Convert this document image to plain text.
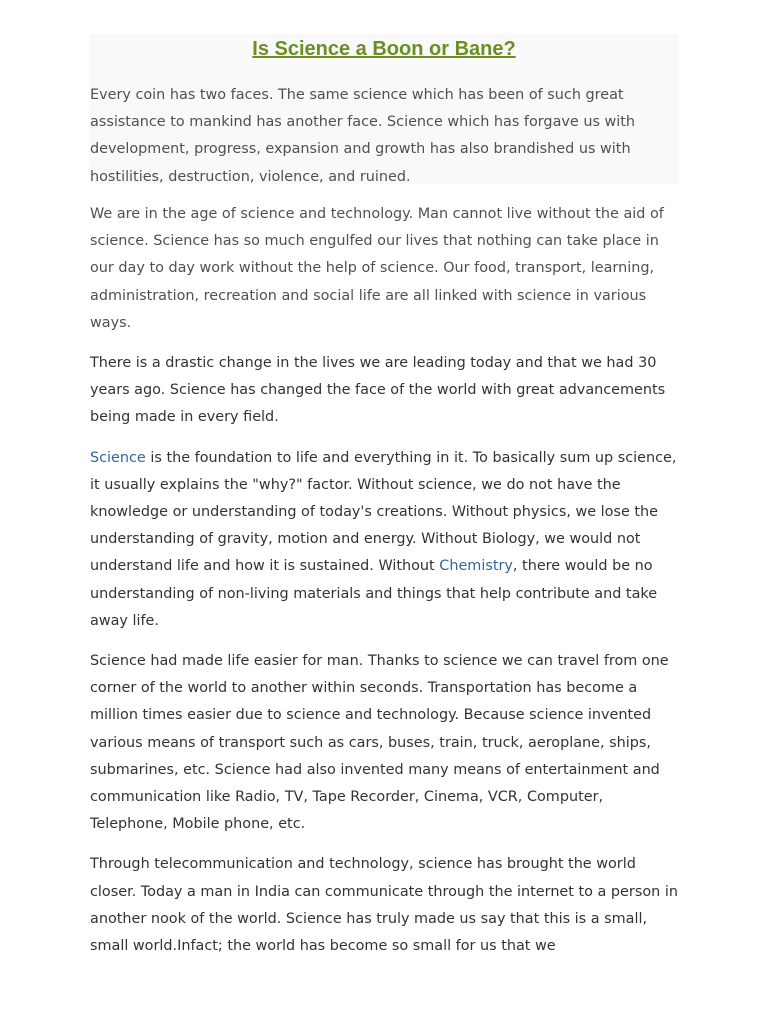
Is Science a Boon or Bane?

Every coin has two faces. The same science which has been of such great assistance to mankind has another face. Science which has forgave us with development, progress, expansion and growth has also brandished us with hostilities, destruction, violence, and ruined.

We are in the age of science and technology. Man cannot live without the aid of science. Science has so much engulfed our lives that nothing can take place in our day to day work without the help of science. Our food, transport, learning, administration, recreation and social life are all linked with science in various ways.

There is a drastic change in the lives we are leading today and that we had 30 years ago. Science has changed the face of the world with great advancements being made in every field.

Science is the foundation to life and everything in it. To basically sum up science, it usually explains the "why?" factor. Without science, we do not have the knowledge or understanding of today's creations. Without physics, we lose the understanding of gravity, motion and energy. Without Biology, we would not understand life and how it is sustained. Without Chemistry, there would be no understanding of non-living materials and things that help contribute and take away life.

Science had made life easier for man. Thanks to science we can travel from one corner of the world to another within seconds. Transportation has become a million times easier due to science and technology. Because science invented various means of transport such as cars, buses, train, truck, aeroplane, ships, submarines, etc. Science had also invented many means of entertainment and communication like Radio, TV, Tape Recorder, Cinema, VCR, Computer, Telephone, Mobile phone, etc.

Through telecommunication and technology, science has brought the world closer. Today a man in India can communicate through the internet to a person in another nook of the world. Science has truly made us say that this is a small, small world.Infact; the world has become so small for us that we
